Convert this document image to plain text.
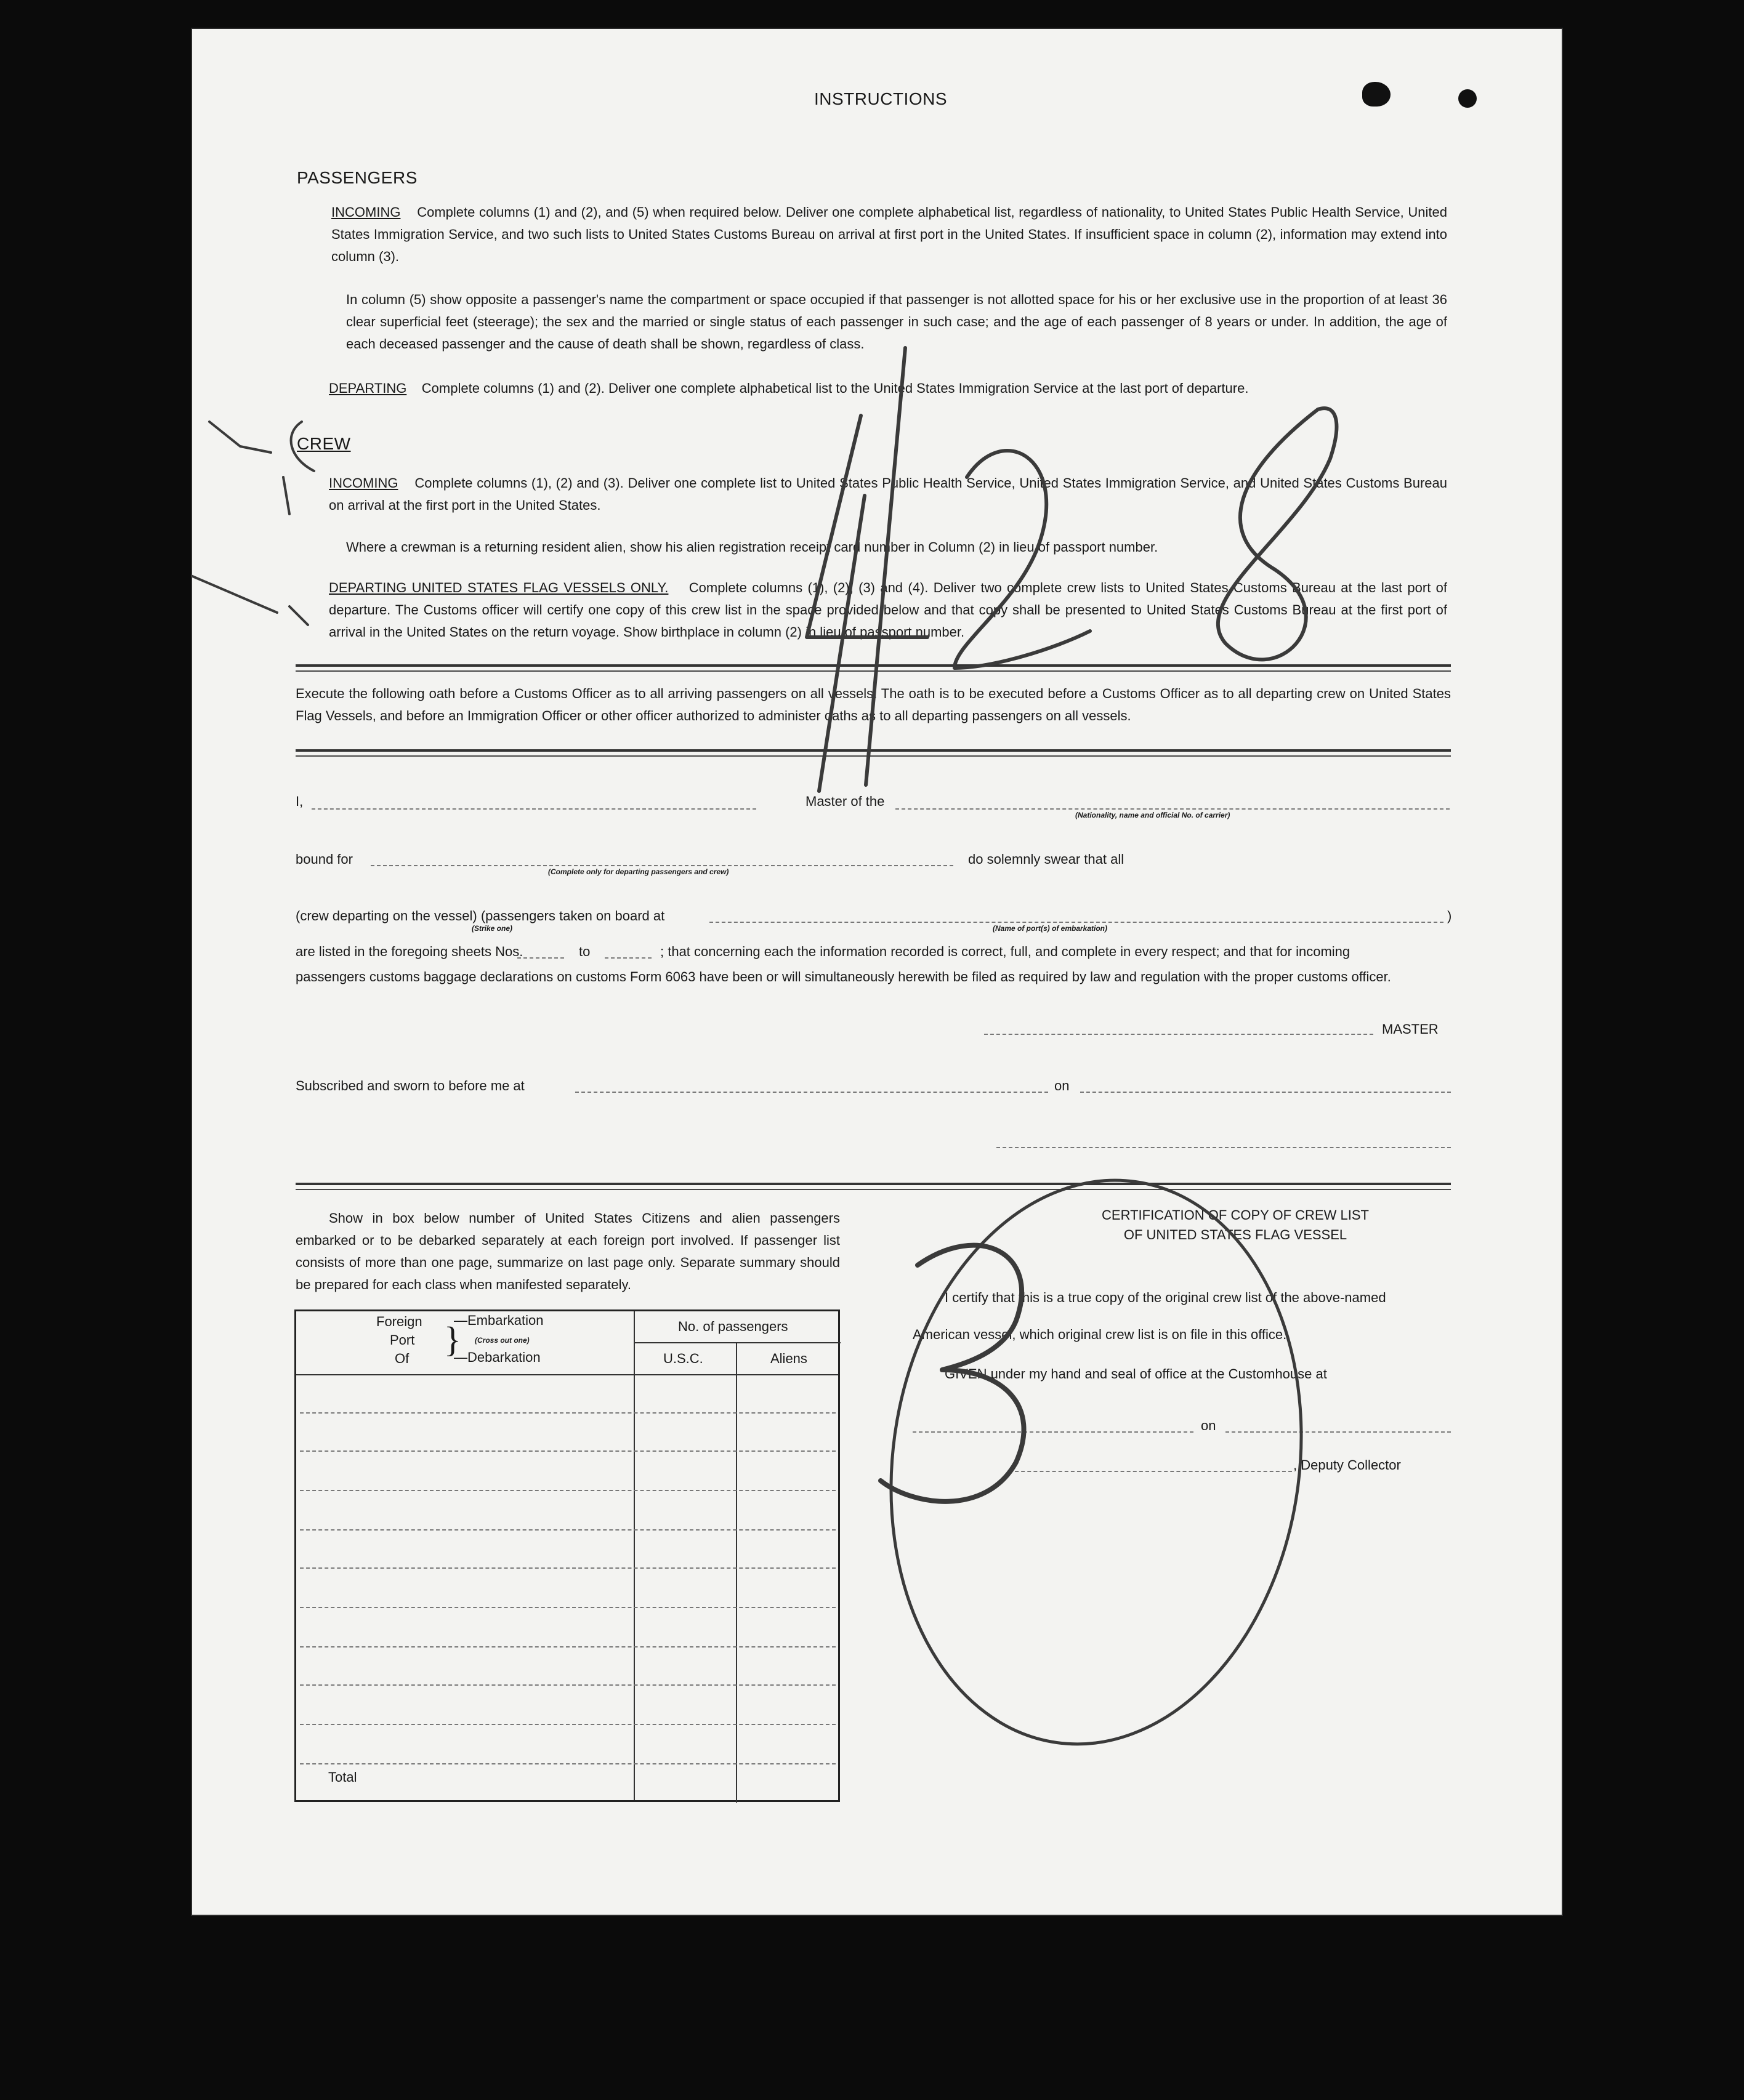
INSTRUCTIONS
PASSENGERS
INCOMING Complete columns (1) and (2), and (5) when required below. Deliver one complete alphabetical list, regardless of nationality, to United States Public Health Service, United States Immigration Service, and two such lists to United States Customs Bureau on arrival at first port in the United States. If insufficient space in column (2), information may extend into column (3).
In column (5) show opposite a passenger's name the compartment or space occupied if that passenger is not allotted space for his or her exclusive use in the proportion of at least 36 clear superficial feet (steerage); the sex and the married or single status of each passenger in such case; and the age of each passenger of 8 years or under. In addition, the age of each deceased passenger and the cause of death shall be shown, regardless of class.
DEPARTING Complete columns (1) and (2). Deliver one complete alphabetical list to the United States Immigration Service at the last port of departure.
CREW
INCOMING Complete columns (1), (2) and (3). Deliver one complete list to United States Public Health Service, United States Immigration Service, and United States Customs Bureau on arrival at the first port in the United States.
Where a crewman is a returning resident alien, show his alien registration receipt card number in Column (2) in lieu of passport number.
DEPARTING UNITED STATES FLAG VESSELS ONLY. Complete columns (1), (2), (3) and (4). Deliver two complete crew lists to United States Customs Bureau at the last port of departure. The Customs officer will certify one copy of this crew list in the space provided below and that copy shall be presented to United States Customs Bureau at the first port of arrival in the United States on the return voyage. Show birthplace in column (2) in lieu of passport number.
Execute the following oath before a Customs Officer as to all arriving passengers on all vessels. The oath is to be executed before a Customs Officer as to all departing crew on United States Flag Vessels, and before an Immigration Officer or other officer authorized to administer oaths as to all departing passengers on all vessels.
I,	Master of the
(Nationality, name and official No. of carrier)
bound for
(Complete only for departing passengers and crew)
do solemnly swear that all
(crew departing on the vessel) (passengers taken on board at	)
(Strike one)	(Name of port(s) of embarkation)
are listed in the foregoing sheets Nos.	to	; that concerning each the information recorded is correct, full, and complete in every respect; and that for incoming
passengers customs baggage declarations on customs Form 6063 have been or will simultaneously herewith be filed as required by law and regulation with the proper customs officer.
MASTER
Subscribed and sworn to before me at	on
Show in box below number of United States Citizens and alien passengers embarked or to be debarked separately at each foreign port involved. If passenger list consists of more than one page, summarize on last page only. Separate summary should be prepared for each class when manifested separately.
Foreign
Port
Of }
—Embarkation
(Cross out one)
—Debarkation
No. of passengers
U.S.C.	Aliens
Total
CERTIFICATION OF COPY OF CREW LIST
OF UNITED STATES FLAG VESSEL
I certify that this is a true copy of the original crew list of the above-named
American vessel, which original crew list is on file in this office.
GIVEN under my hand and seal of office at the Customhouse at
on
, Deputy Collector
